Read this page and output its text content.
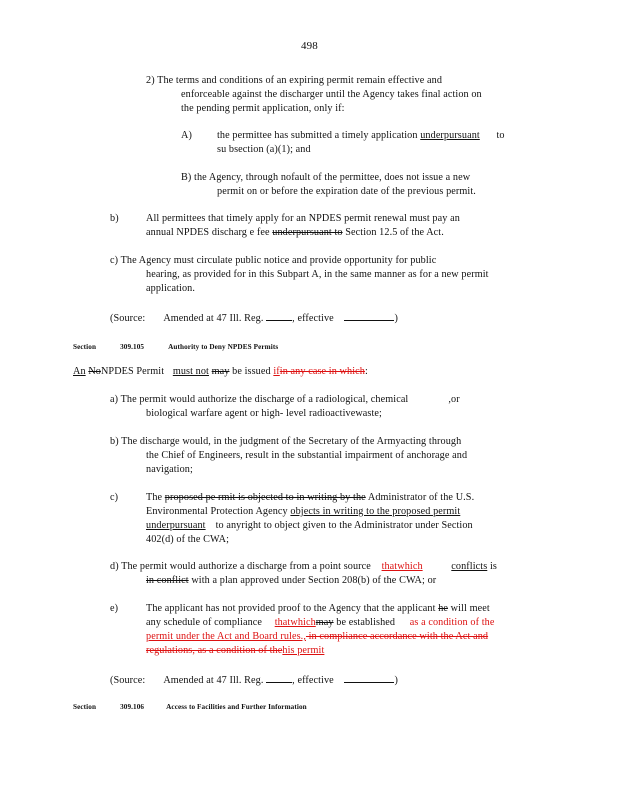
498
2) The terms and conditions of an expiring permit remain effective and
enforceable against the discharger until the Agency takes final action on
the pending permit application, only if:
A) the permittee has submitted a timely application underpursuant to
su bsection (a)(1); and
B) the Agency, through nofault of the permittee, does not issue a new
permit on or before the expiration date of the previous permit.
b)	All permittees that timely apply for an NPDES permit renewal must pay an
annual NPDES discharg e fee underpursuant to Section 12.5 of the Act.
c) The Agency must circulate public notice and provide opportunity for public
hearing, as provided for in this Subpart A, in the same manner as for a new permit
application.
(Source: Amended at 47 Ill. Reg.	, effective	)
Section	309.105	Authority to Deny NPDES Permits
An NoNPDES Permit must not may be issued ifin any case in which:
a) The permit would authorize the discharge of a radiological, chemical	,or
biological warfare agent or high- level radioactivewaste;
b) The discharge would, in the judgment of the Secretary of the Armyacting through
the Chief of Engineers, result in the substantial impairment of anchorage and
navigation;
c)	The proposed pe rmit is objected to in writing by the Administrator of the U.S.
Environmental Protection Agency objects in writing to the proposed permit
underpursuant to anyright to object given to the Administrator under Section
402(d) of the CWA;
d) The permit would authorize a discharge from a point source thatwhich	conflicts is
in conflict with a plan approved under Section 208(b) of the CWA; or
e)	The applicant has not provided proof to the Agency that the applicant he will meet
any schedule of compliance thatwhichmay be established as a condition of the
permit under the Act and Board rules., in compliance accordance with the Act and
regulations, as a condition of thehis permit
(Source: Amended at 47 Ill. Reg.	, effective	)
Section	309.106	Access to Facilities and Further Information
